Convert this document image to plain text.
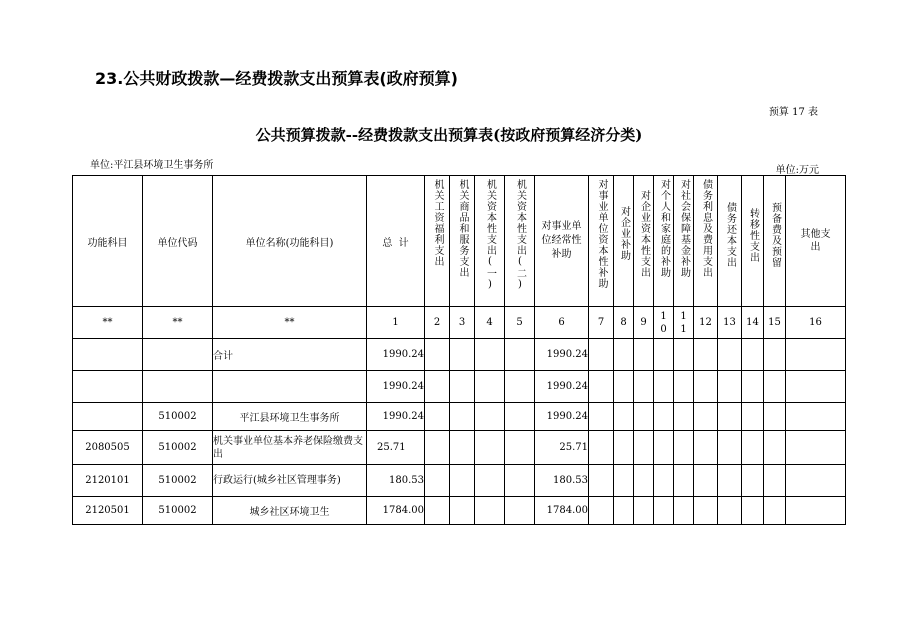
23.公共财政拨款—经费拨款支出预算表(政府预算)
预算 17 表
公共预算拨款--经费拨款支出预算表(按政府预算经济分类)
单位:平江县环境卫生事务所	单位:万元
功能科目	单位代码	单位名称(功能科目)	总  计	机关工资福利支出	机关商品和服务支出	机关资本性支出(一)	机关资本性支出(二)	对事业单位经常性补助	对事业单位资本性补助	对企业补助	对企业资本性支出	对个人和家庭的补助	对社会保障基金补助	债务利息及费用支出	债务还本支出	转移性支出	预备费及预留	其他支出

**	**	**	1	2	3	4	5	6	7	8	9	10	11	12	13	14	15	16
		合计	1990.24					1990.24										
			1990.24					1990.24										
	510002	平江县环境卫生事务所	1990.24					1990.24										
2080505	510002	机关事业单位基本养老保险缴费支出	25.71					25.71										
2120101	510002	行政运行(城乡社区管理事务)	180.53					180.53										
2120501	510002	城乡社区环境卫生	1784.00					1784.00										
